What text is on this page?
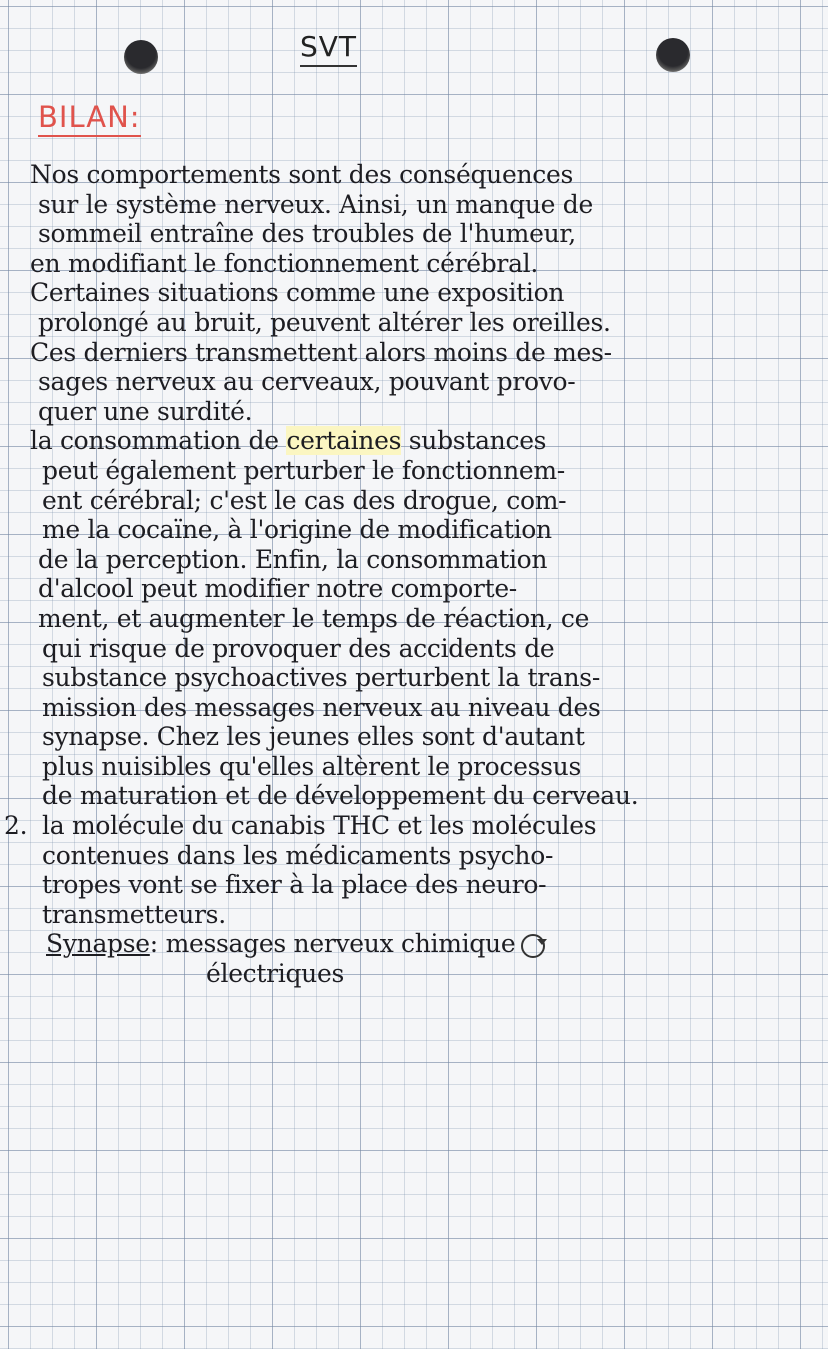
SVT
BILAN:
Nos comportements sont des conséquences
sur le système nerveux. Ainsi, un manque de
sommeil entraîne des troubles de l'humeur,
en modifiant le fonctionnement cérébral.
Certaines situations comme une exposition
prolongé au bruit, peuvent altérer les oreilles.
Ces derniers transmettent alors moins de mes-
sages nerveux au cerveaux, pouvant provo-
quer une surdité.
la consommation de certaines substances
peut également perturber le fonctionnem-
ent cérébral; c'est le cas des drogue, com-
me la cocaïne, à l'origine de modification
de la perception. Enfin, la consommation
d'alcool peut modifier notre comporte-
ment, et augmenter le temps de réaction, ce
qui risque de provoquer des accidents de
substance psychoactives perturbent la trans-
mission des messages nerveux au niveau des
synapse. Chez les jeunes elles sont d'autant
plus nuisibles qu'elles altèrent le processus
de maturation et de développement du cerveau.
2. la molécule du canabis THC et les molécules
contenues dans les médicaments psycho-
tropes vont se fixer à la place des neuro-
transmetteurs.
Synapse: messages nerveux chimique
électriques
